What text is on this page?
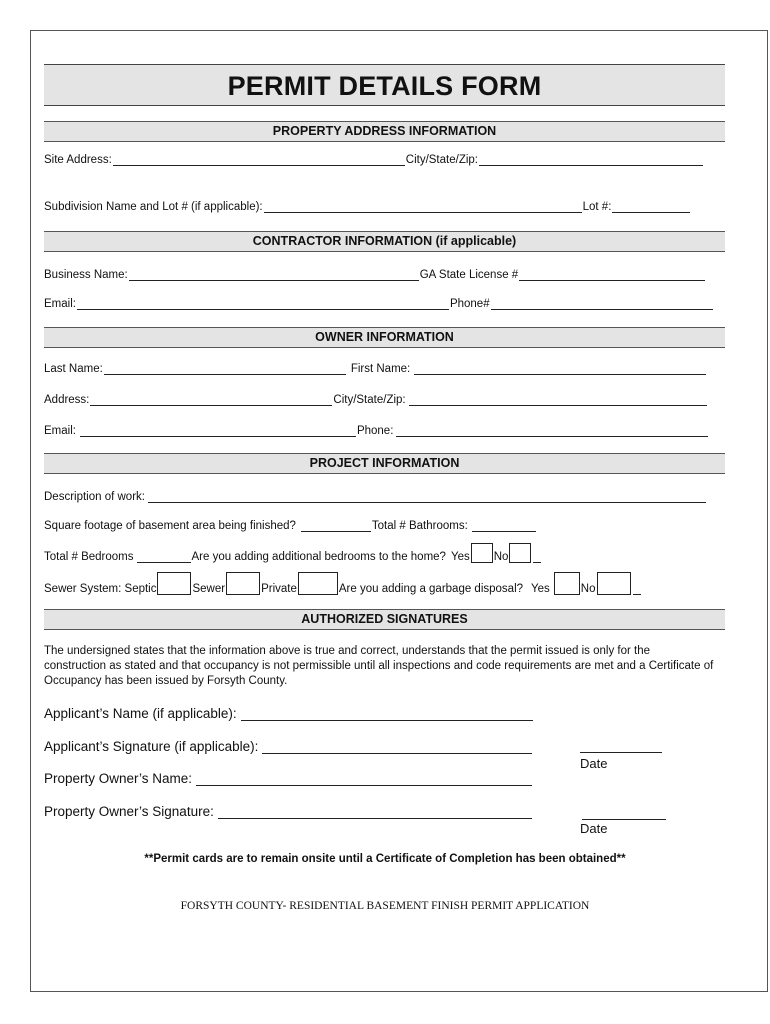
PERMIT DETAILS FORM
PROPERTY ADDRESS INFORMATION
Site Address:	City/State/Zip:
Subdivision Name and Lot # (if applicable):	Lot #:
CONTRACTOR INFORMATION (if applicable)
Business Name:	GA State License #
Email:	Phone#
OWNER INFORMATION
Last Name:	First Name:
Address:	City/State/Zip:
Email:	Phone:
PROJECT INFORMATION
Description of work:
Square footage of basement area being finished?	Total # Bathrooms:
Total # Bedrooms	Are you adding additional bedrooms to the home? Yes No
Sewer System: Septic	Sewer	Private	Are you adding a garbage disposal? Yes	No
AUTHORIZED SIGNATURES
The undersigned states that the information above is true and correct, understands that the permit issued is only for the construction as stated and that occupancy is not permissible until all inspections and code requirements are met and a Certificate of Occupancy has been issued by Forsyth County.
Applicant’s Name (if applicable):
Applicant’s Signature (if applicable):
Date
Property Owner’s Name:
Property Owner’s Signature:
Date
**Permit cards are to remain onsite until a Certificate of Completion has been obtained**
FORSYTH COUNTY- RESIDENTIAL BASEMENT FINISH PERMIT APPLICATION
